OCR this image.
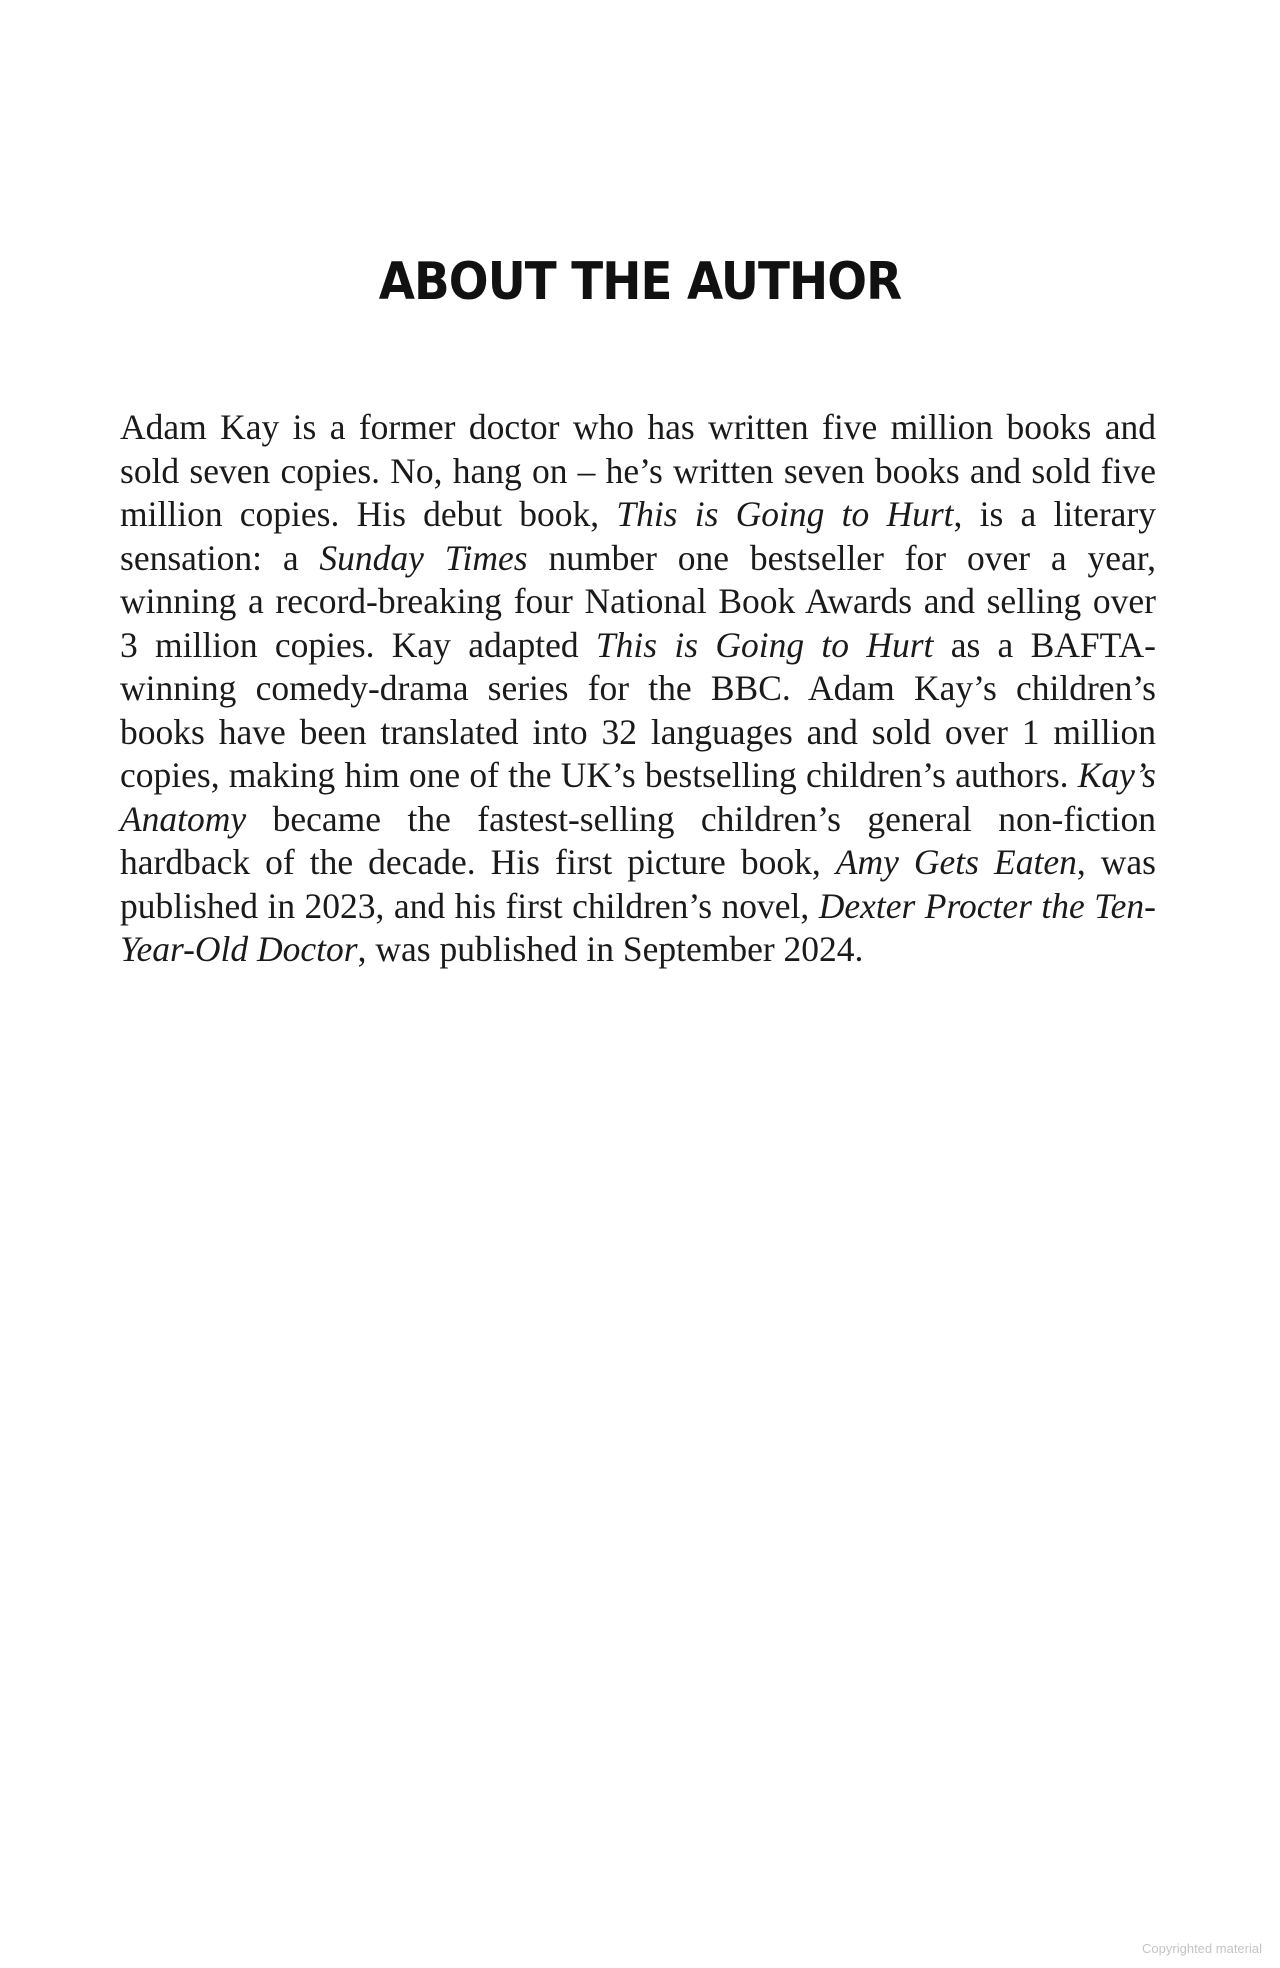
ABOUT THE AUTHOR

Adam Kay is a former doctor who has written five million books and sold seven copies. No, hang on – he’s written seven books and sold five million copies. His debut book, This is Going to Hurt, is a literary sensation: a Sunday Times number one bestseller for over a year, winning a record-breaking four National Book Awards and selling over 3 million copies. Kay adapted This is Going to Hurt as a BAFTA-winning comedy-drama series for the BBC. Adam Kay’s children’s books have been translated into 32 languages and sold over 1 million copies, making him one of the UK’s bestselling children’s authors. Kay’s Anatomy became the fastest-selling children’s general non-fiction hardback of the decade. His first picture book, Amy Gets Eaten, was published in 2023, and his first children’s novel, Dexter Procter the Ten-Year-Old Doctor, was published in September 2024.

Copyrighted material
